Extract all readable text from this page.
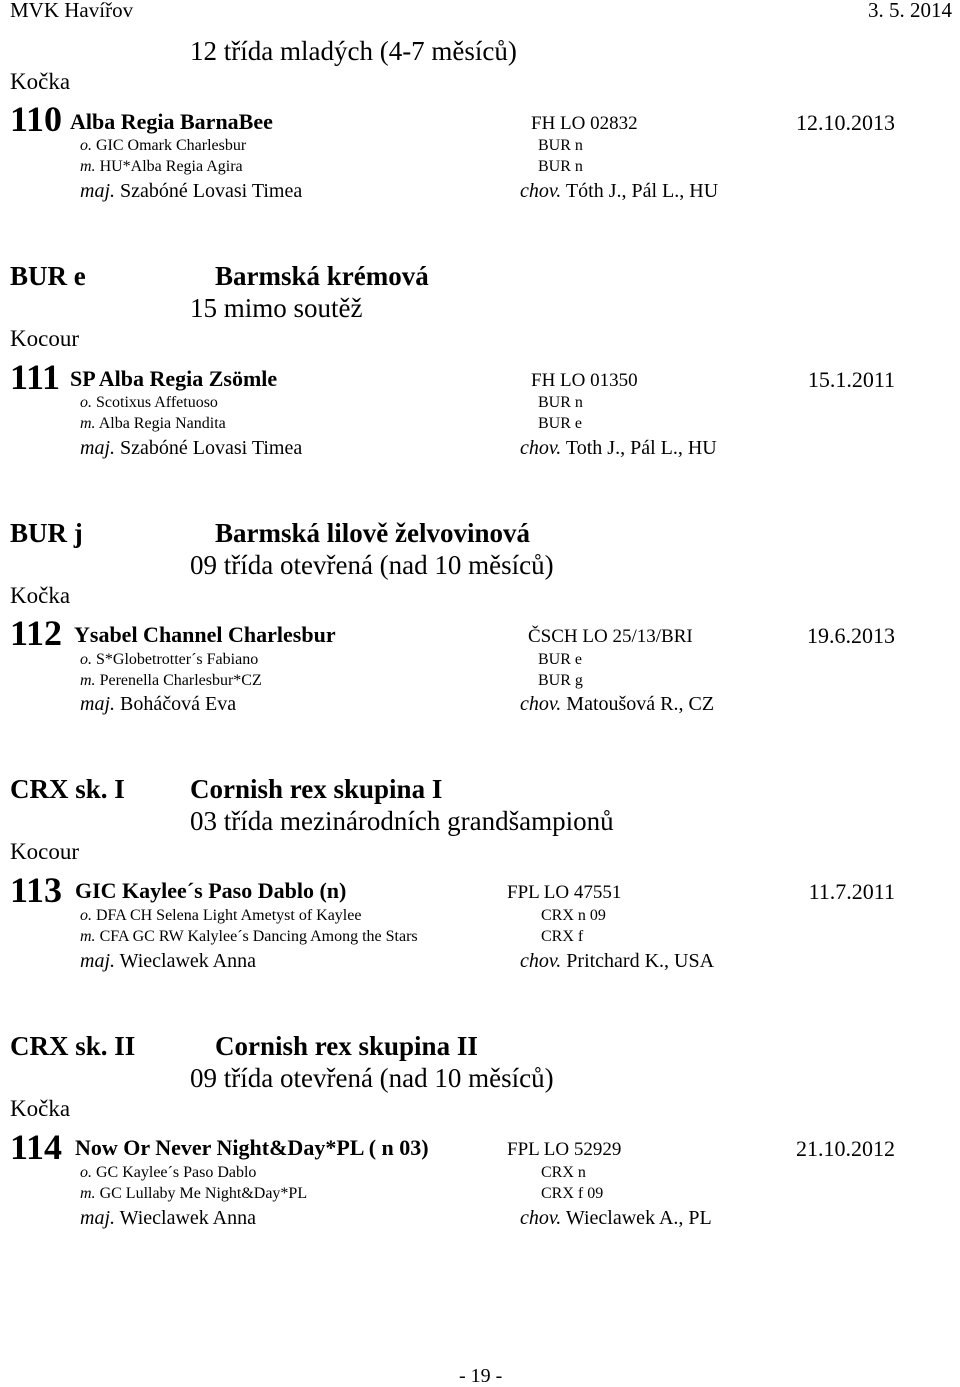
MVK Havířov	3. 5. 2014
12 třída mladých (4-7 měsíců)
Kočka
110 Alba Regia BarnaBee	FH LO 02832	12.10.2013
o. GIC Omark Charlesbur	BUR n
m. HU*Alba Regia Agira	BUR n
maj. Szabóné Lovasi Timea	chov. Tóth J., Pál L., HU
BUR e	Barmská krémová
15 mimo soutěž
Kocour
111 SP Alba Regia Zsömle	FH LO 01350	15.1.2011
o. Scotixus Affetuoso	BUR n
m. Alba Regia Nandita	BUR e
maj. Szabóné Lovasi Timea	chov. Toth J., Pál L., HU
BUR j	Barmská lilově želvovinová
09 třída otevřená (nad 10 měsíců)
Kočka
112 Ysabel Channel Charlesbur	ČSCH LO 25/13/BRI	19.6.2013
o. S*Globetrotter´s Fabiano	BUR e
m. Perenella Charlesbur*CZ	BUR g
maj. Boháčová Eva	chov. Matoušová R., CZ
CRX sk. I Cornish rex skupina I
03 třída mezinárodních grandšampionů
Kocour
113 GIC Kaylee´s Paso Dablo (n)	FPL LO 47551	11.7.2011
o. DFA CH Selena Light Ametyst of Kaylee	CRX n 09
m. CFA GC RW Kalylee´s Dancing Among the Stars	CRX f
maj. Wieclawek Anna	chov. Pritchard K., USA
CRX sk. II	Cornish rex skupina II
09 třída otevřená (nad 10 měsíců)
Kočka
114 Now Or Never Night&Day*PL ( n 03)	FPL LO 52929	21.10.2012
o. GC Kaylee´s Paso Dablo	CRX n
m. GC Lullaby Me Night&Day*PL	CRX f 09
maj. Wieclawek Anna	chov. Wieclawek A., PL
- 19 -
